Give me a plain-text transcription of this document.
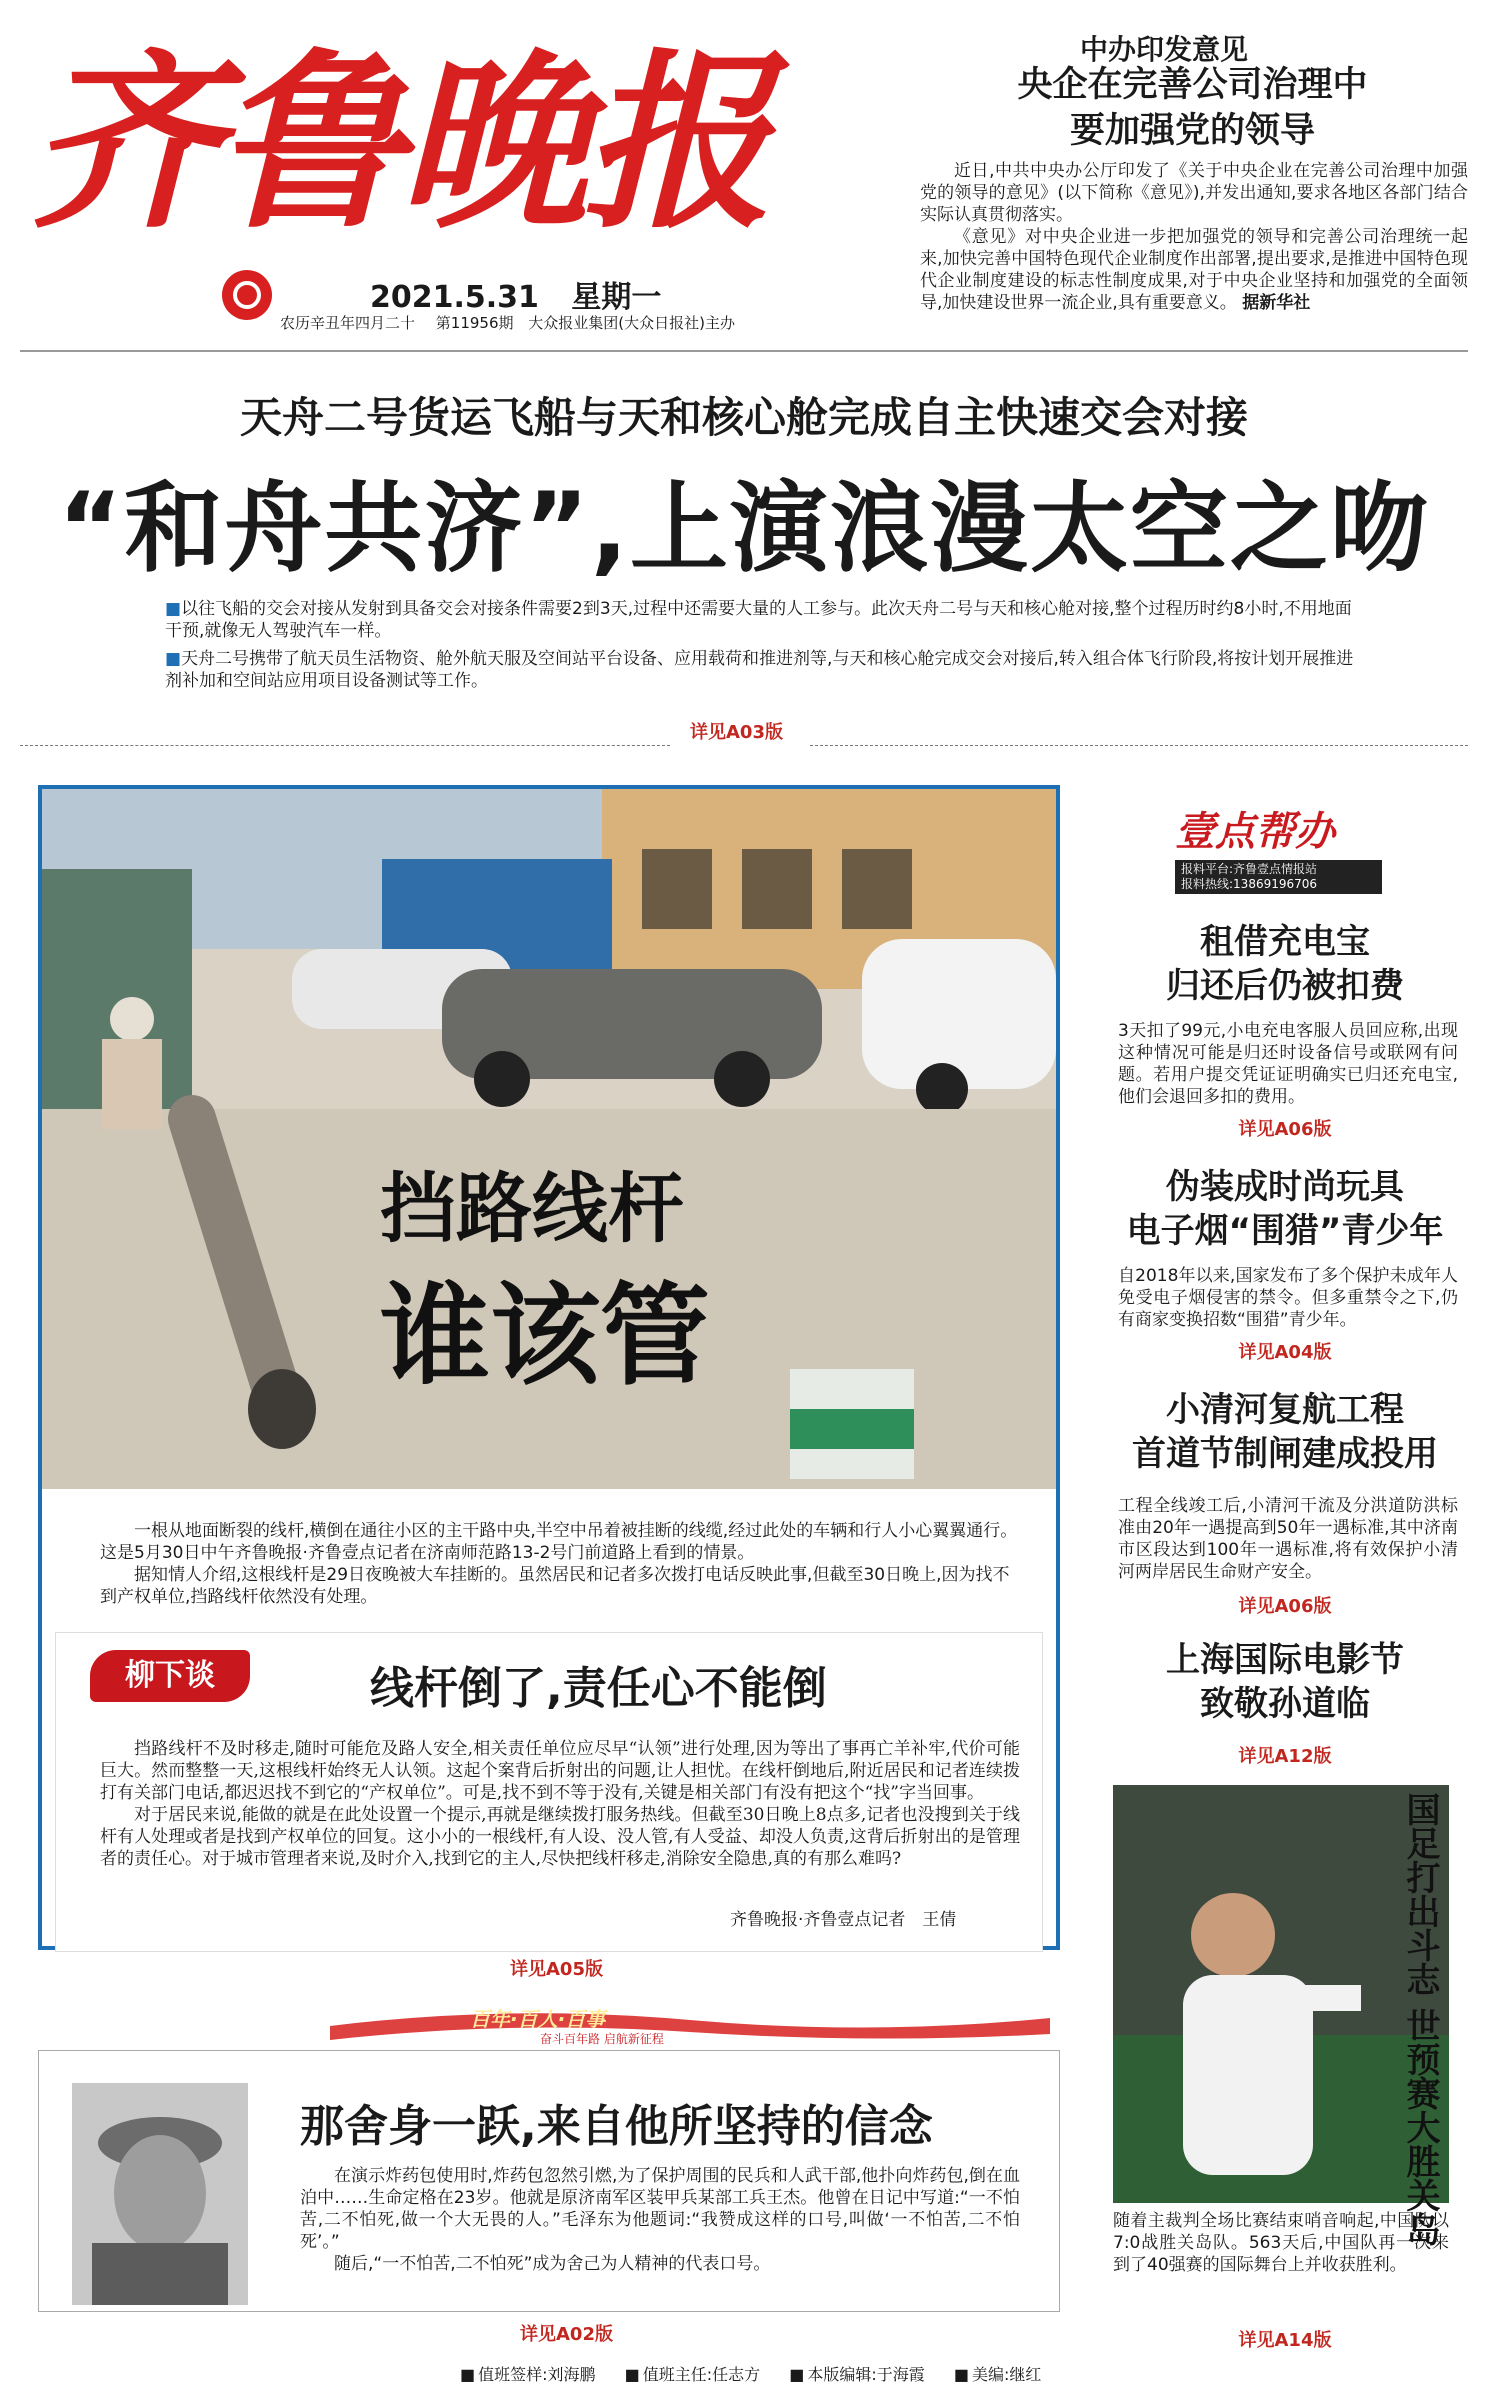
齐鲁晚报
2021.5.31 星期一
农历辛丑年四月二十 第11956期 大众报业集团(大众日报社)主办
中办印发意见
央企在完善公司治理中
要加强党的领导
近日,中共中央办公厅印发了《关于中央企业在完善公司治理中加强党的领导的意见》(以下简称《意见》),并发出通知,要求各地区各部门结合实际认真贯彻落实。
《意见》对中央企业进一步把加强党的领导和完善公司治理统一起来,加快完善中国特色现代企业制度作出部署,提出要求,是推进中国特色现代企业制度建设的标志性制度成果,对于中央企业坚持和加强党的全面领导,加快建设世界一流企业,具有重要意义。 据新华社
天舟二号货运飞船与天和核心舱完成自主快速交会对接
“和舟共济”,上演浪漫太空之吻

■以往飞船的交会对接从发射到具备交会对接条件需要2到3天,过程中还需要大量的人工参与。此次天舟二号与天和核心舱对接,整个过程历时约8小时,不用地面干预,就像无人驾驶汽车一样。

■天舟二号携带了航天员生活物资、舱外航天服及空间站平台设备、应用载荷和推进剂等,与天和核心舱完成交会对接后,转入组合体飞行阶段,将按计划开展推进剂补加和空间站应用项目设备测试等工作。

详见A03版
挡路线杆
谁该管
一根从地面断裂的线杆,横倒在通往小区的主干路中央,半空中吊着被挂断的线缆,经过此处的车辆和行人小心翼翼通行。这是5月30日中午齐鲁晚报·齐鲁壹点记者在济南师范路13-2号门前道路上看到的情景。
据知情人介绍,这根线杆是29日夜晚被大车挂断的。虽然居民和记者多次拨打电话反映此事,但截至30日晚上,因为找不到产权单位,挡路线杆依然没有处理。
柳下谈	线杆倒了,责任心不能倒
挡路线杆不及时移走,随时可能危及路人安全,相关责任单位应尽早“认领”进行处理,因为等出了事再亡羊补牢,代价可能巨大。然而整整一天,这根线杆始终无人认领。这起个案背后折射出的问题,让人担忧。在线杆倒地后,附近居民和记者连续拨打有关部门电话,都迟迟找不到它的“产权单位”。可是,找不到不等于没有,关键是相关部门有没有把这个“找”字当回事。
对于居民来说,能做的就是在此处设置一个提示,再就是继续拨打服务热线。但截至30日晚上8点多,记者也没搜到关于线杆有人处理或者是找到产权单位的回复。这小小的一根线杆,有人设、没人管,有人受益、却没人负责,这背后折射出的是管理者的责任心。对于城市管理者来说,及时介入,找到它的主人,尽快把线杆移走,消除安全隐患,真的有那么难吗?
齐鲁晚报·齐鲁壹点记者　王倩
详见A05版
壹点帮办
报料平台:齐鲁壹点情报站
报料热线:13869196706
租借充电宝
归还后仍被扣费
3天扣了99元,小电充电客服人员回应称,出现这种情况可能是归还时设备信号或联网有问题。若用户提交凭证证明确实已归还充电宝,他们会退回多扣的费用。
详见A06版
伪装成时尚玩具
电子烟“围猎”青少年
自2018年以来,国家发布了多个保护未成年人免受电子烟侵害的禁令。但多重禁令之下,仍有商家变换招数“围猎”青少年。
详见A04版
小清河复航工程
首道节制闸建成投用
工程全线竣工后,小清河干流及分洪道防洪标准由20年一遇提高到50年一遇标准,其中济南市区段达到100年一遇标准,将有效保护小清河两岸居民生命财产安全。
详见A06版
上海国际电影节
致敬孙道临
详见A12版
国足打出斗志 世预赛大胜关岛
随着主裁判全场比赛结束哨音响起,中国队以7:0战胜关岛队。563天后,中国队再一次来到了40强赛的国际舞台上并收获胜利。
详见A14版
百年·百人·百事
奋斗百年路 启航新征程
那舍身一跃,来自他所坚持的信念
在演示炸药包使用时,炸药包忽然引燃,为了保护周围的民兵和人武干部,他扑向炸药包,倒在血泊中……生命定格在23岁。他就是原济南军区装甲兵某部工兵王杰。他曾在日记中写道:“一不怕苦,二不怕死,做一个大无畏的人。”毛泽东为他题词:“我赞成这样的口号,叫做‘一不怕苦,二不怕死’。”
随后,“一不怕苦,二不怕死”成为舍己为人精神的代表口号。
详见A02版
■ 值班签样:刘海鹏	■ 值班主任:任志方	■ 本版编辑:于海霞	■ 美编:继红
